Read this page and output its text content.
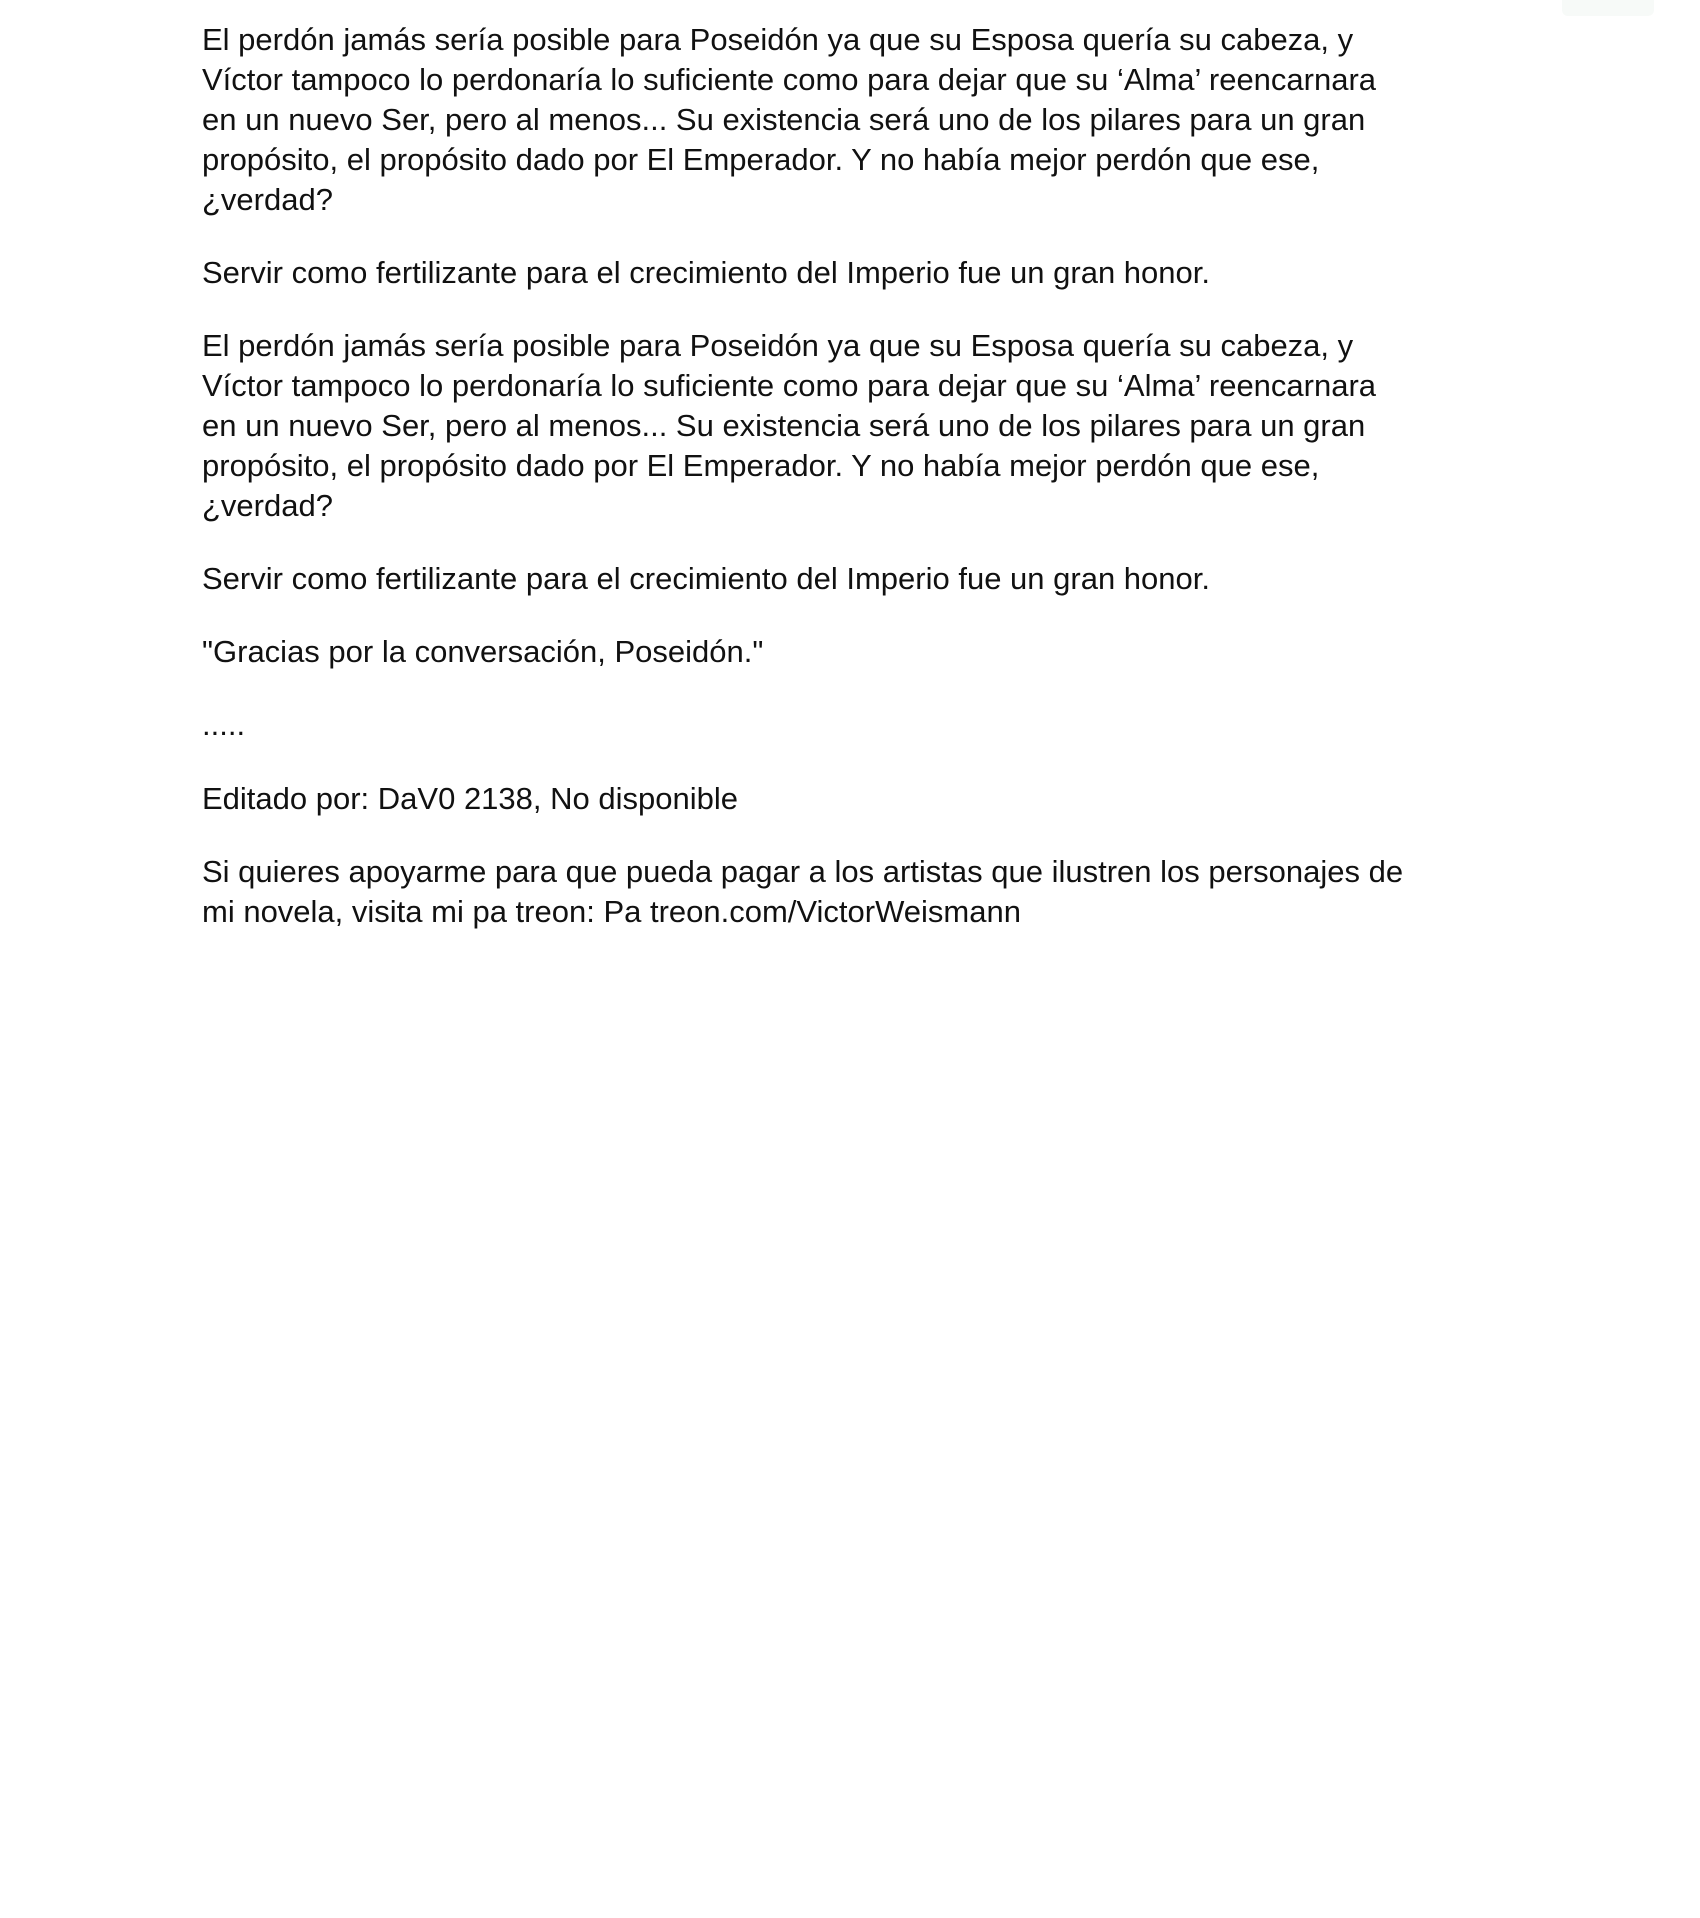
El perdón jamás sería posible para Poseidón ya que su Esposa quería su cabeza, y
Víctor tampoco lo perdonaría lo suficiente como para dejar que su ‘Alma’ reencarnara
en un nuevo Ser, pero al menos... Su existencia será uno de los pilares para un gran
propósito, el propósito dado por El Emperador. Y no había mejor perdón que ese,
¿verdad?

Servir como fertilizante para el crecimiento del Imperio fue un gran honor.

El perdón jamás sería posible para Poseidón ya que su Esposa quería su cabeza, y
Víctor tampoco lo perdonaría lo suficiente como para dejar que su ‘Alma’ reencarnara
en un nuevo Ser, pero al menos... Su existencia será uno de los pilares para un gran
propósito, el propósito dado por El Emperador. Y no había mejor perdón que ese,
¿verdad?

Servir como fertilizante para el crecimiento del Imperio fue un gran honor.

"Gracias por la conversación, Poseidón."

.....

Editado por: DaV0 2138, No disponible

Si quieres apoyarme para que pueda pagar a los artistas que ilustren los personajes de
mi novela, visita mi pa treon: Pa treon.com/VictorWeismann
